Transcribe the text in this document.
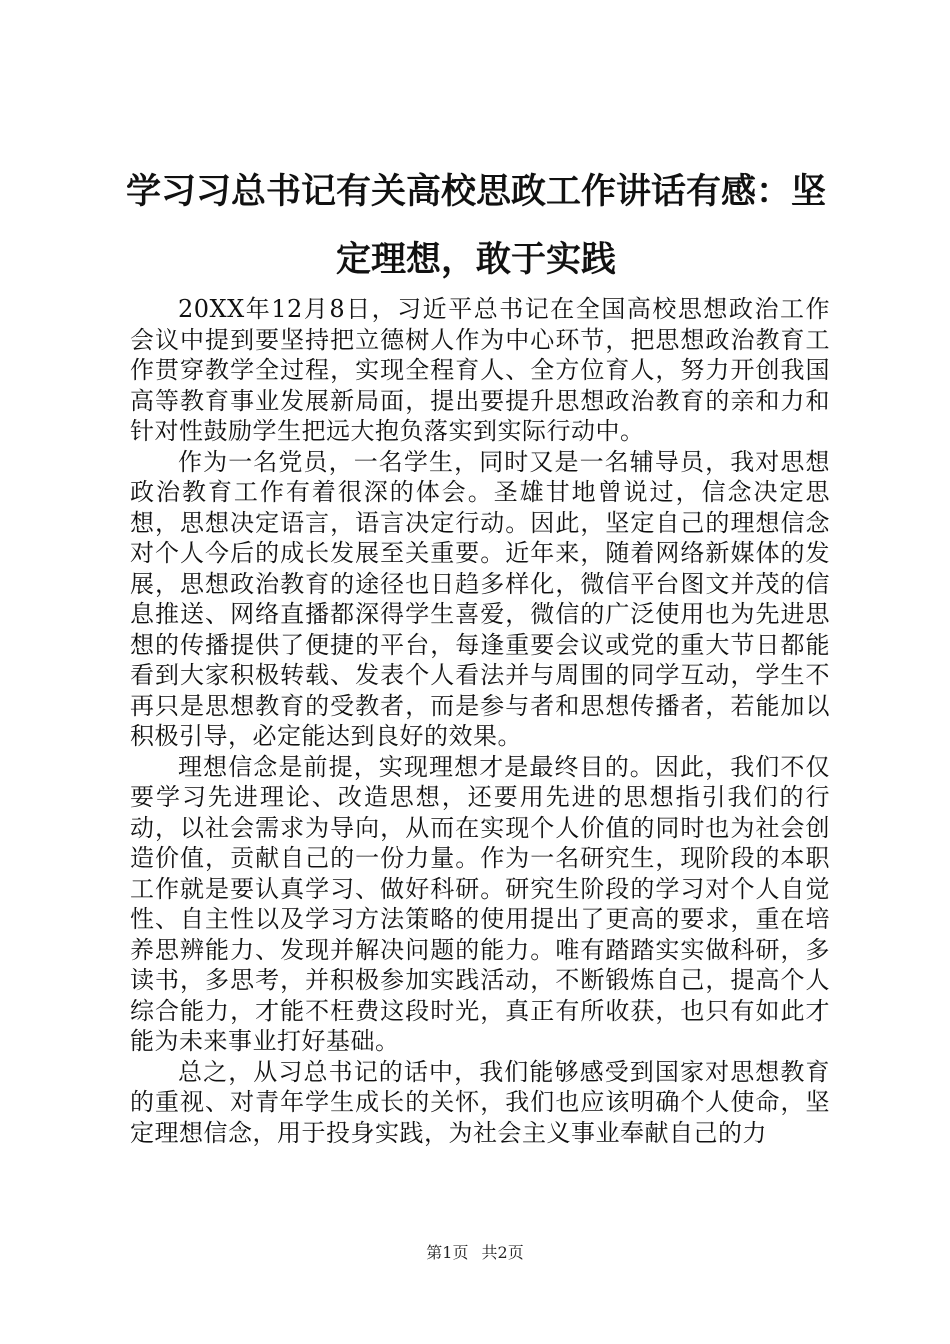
学习习总书记有关高校思政工作讲话有感：坚定理想，敢于实践

20XX年12月8日，习近平总书记在全国高校思想政治工作会议中提到要坚持把立德树人作为中心环节，把思想政治教育工作贯穿教学全过程，实现全程育人、全方位育人，努力开创我国高等教育事业发展新局面，提出要提升思想政治教育的亲和力和针对性鼓励学生把远大抱负落实到实际行动中。

作为一名党员，一名学生，同时又是一名辅导员，我对思想政治教育工作有着很深的体会。圣雄甘地曾说过，信念决定思想，思想决定语言，语言决定行动。因此，坚定自己的理想信念对个人今后的成长发展至关重要。近年来，随着网络新媒体的发展，思想政治教育的途径也日趋多样化，微信平台图文并茂的信息推送、网络直播都深得学生喜爱，微信的广泛使用也为先进思想的传播提供了便捷的平台，每逢重要会议或党的重大节日都能看到大家积极转载、发表个人看法并与周围的同学互动，学生不再只是思想教育的受教者，而是参与者和思想传播者，若能加以积极引导，必定能达到良好的效果。

理想信念是前提，实现理想才是最终目的。因此，我们不仅要学习先进理论、改造思想，还要用先进的思想指引我们的行动，以社会需求为导向，从而在实现个人价值的同时也为社会创造价值，贡献自己的一份力量。作为一名研究生，现阶段的本职工作就是要认真学习、做好科研。研究生阶段的学习对个人自觉性、自主性以及学习方法策略的使用提出了更高的要求，重在培养思辨能力、发现并解决问题的能力。唯有踏踏实实做科研，多读书，多思考，并积极参加实践活动，不断锻炼自己，提高个人综合能力，才能不枉费这段时光，真正有所收获，也只有如此才能为未来事业打好基础。

总之，从习总书记的话中，我们能够感受到国家对思想教育的重视、对青年学生成长的关怀，我们也应该明确个人使命，坚定理想信念，用于投身实践，为社会主义事业奉献自己的力

第1页 共2页
